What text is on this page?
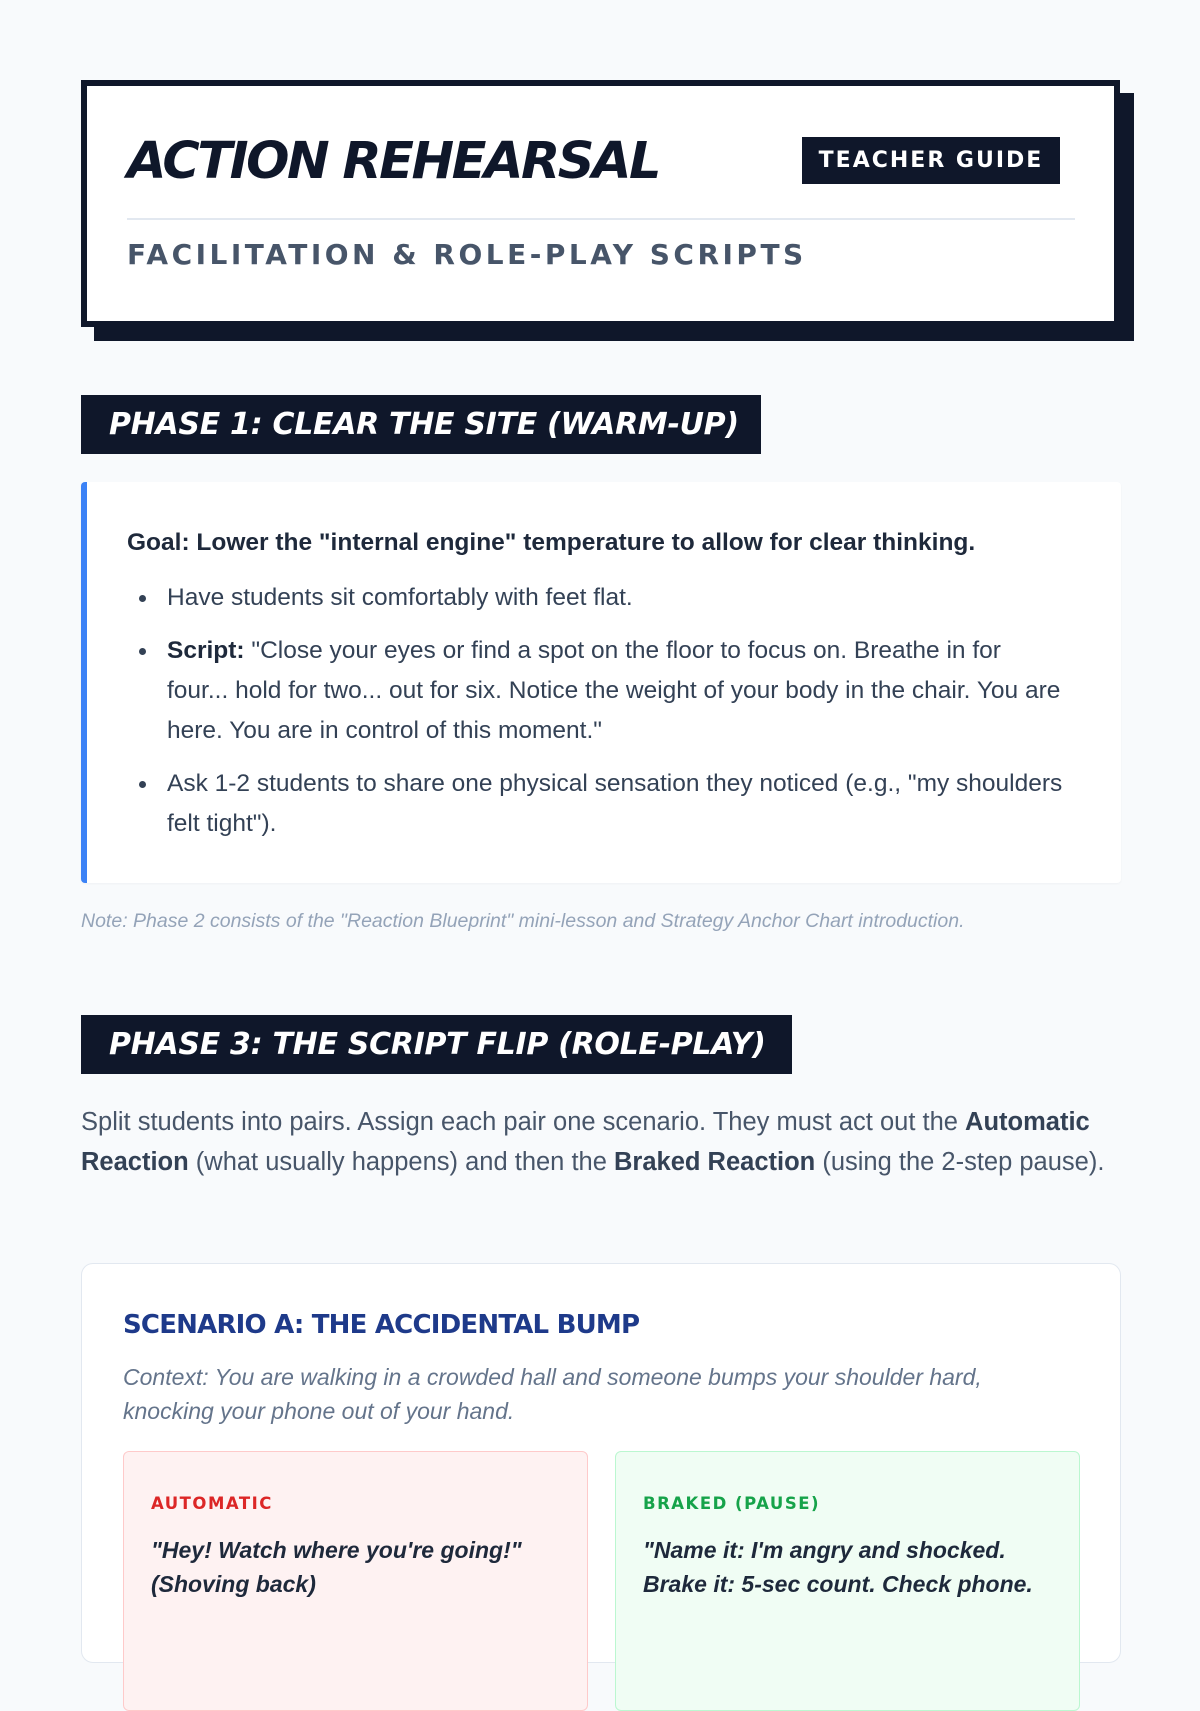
ACTION REHEARSAL	TEACHER GUIDE
FACILITATION & ROLE-PLAY SCRIPTS
PHASE 1: CLEAR THE SITE (WARM-UP)

Goal: Lower the "internal engine" temperature to allow for clear thinking.

Have students sit comfortably with feet flat.
Script: "Close your eyes or find a spot on the floor to focus on. Breathe in for four... hold for two... out for six. Notice the weight of your body in the chair. You are here. You are in control of this moment."
Ask 1-2 students to share one physical sensation they noticed (e.g., "my shoulders felt tight").

Note: Phase 2 consists of the "Reaction Blueprint" mini-lesson and Strategy Anchor Chart introduction.

PHASE 3: THE SCRIPT FLIP (ROLE-PLAY)

Split students into pairs. Assign each pair one scenario. They must act out the Automatic Reaction (what usually happens) and then the Braked Reaction (using the 2-step pause).

SCENARIO A: THE ACCIDENTAL BUMP

Context: You are walking in a crowded hall and someone bumps your shoulder hard, knocking your phone out of your hand.

AUTOMATIC

"Hey! Watch where you're going!" (Shoving back)

BRAKED (PAUSE)

"Name it: I'm angry and shocked. Brake it: 5-sec count. Check phone.
